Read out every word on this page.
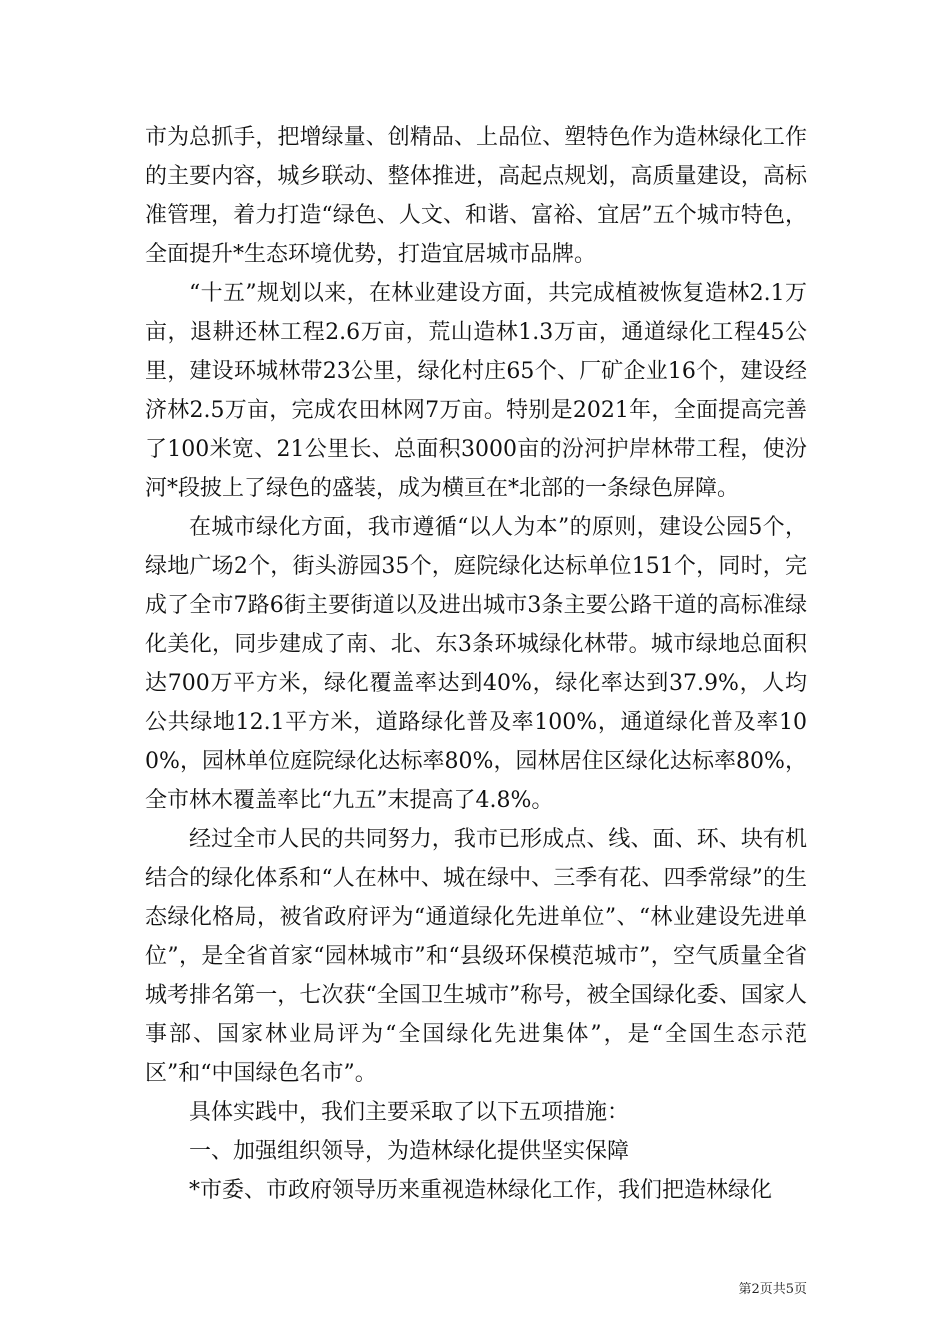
市为总抓手，把增绿量、创精品、上品位、塑特色作为造林绿化工作的主要内容，城乡联动、整体推进，高起点规划，高质量建设，高标准管理，着力打造“绿色、人文、和谐、富裕、宜居”五个城市特色，全面提升*生态环境优势，打造宜居城市品牌。

“十五”规划以来，在林业建设方面，共完成植被恢复造林2.1万亩，退耕还林工程2.6万亩，荒山造林1.3万亩，通道绿化工程45公里，建设环城林带23公里，绿化村庄65个、厂矿企业16个，建设经济林2.5万亩，完成农田林网7万亩。特别是2021年，全面提高完善了100米宽、21公里长、总面积3000亩的汾河护岸林带工程，使汾河*段披上了绿色的盛装，成为横亘在*北部的一条绿色屏障。

在城市绿化方面，我市遵循“以人为本”的原则，建设公园5个，绿地广场2个，街头游园35个，庭院绿化达标单位151个，同时，完成了全市7路6街主要街道以及进出城市3条主要公路干道的高标准绿化美化，同步建成了南、北、东3条环城绿化林带。城市绿地总面积达700万平方米，绿化覆盖率达到40%，绿化率达到37.9%，人均公共绿地12.1平方米，道路绿化普及率100%，通道绿化普及率100%，园林单位庭院绿化达标率80%，园林居住区绿化达标率80%，全市林木覆盖率比“九五”末提高了4.8%。

经过全市人民的共同努力，我市已形成点、线、面、环、块有机结合的绿化体系和“人在林中、城在绿中、三季有花、四季常绿”的生态绿化格局，被省政府评为“通道绿化先进单位”、“林业建设先进单位”，是全省首家“园林城市”和“县级环保模范城市”，空气质量全省城考排名第一，七次获“全国卫生城市”称号，被全国绿化委、国家人事部、国家林业局评为“全国绿化先进集体”，是“全国生态示范区”和“中国绿色名市”。

具体实践中，我们主要采取了以下五项措施：

一、加强组织领导，为造林绿化提供坚实保障

*市委、市政府领导历来重视造林绿化工作，我们把造林绿化

第2页共5页
